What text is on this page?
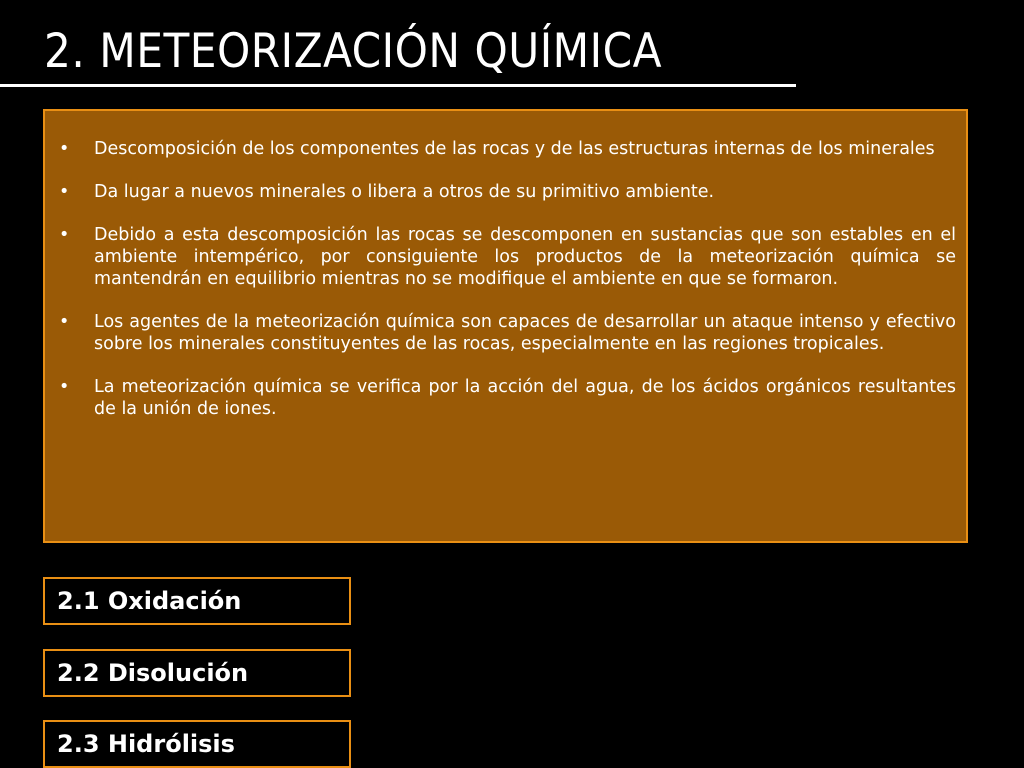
2. METEORIZACIÓN QUÍMICA
•	Descomposición de los componentes de las rocas y de las estructuras internas de los minerales
•	Da lugar a nuevos minerales o libera a otros de su primitivo ambiente.
•	Debido a esta descomposición las rocas se descomponen en sustancias que son estables en el ambiente intempérico, por consiguiente los productos de la meteorización química se mantendrán en equilibrio mientras no se modifique el ambiente en que se formaron.
•	Los agentes de la meteorización química son capaces de desarrollar un ataque intenso y efectivo sobre los minerales constituyentes de las rocas, especialmente en las regiones tropicales.
•	La meteorización química se verifica por la acción del agua, de los ácidos orgánicos resultantes de la unión de iones.
2.1 Oxidación
2.2 Disolución
2.3 Hidrólisis
